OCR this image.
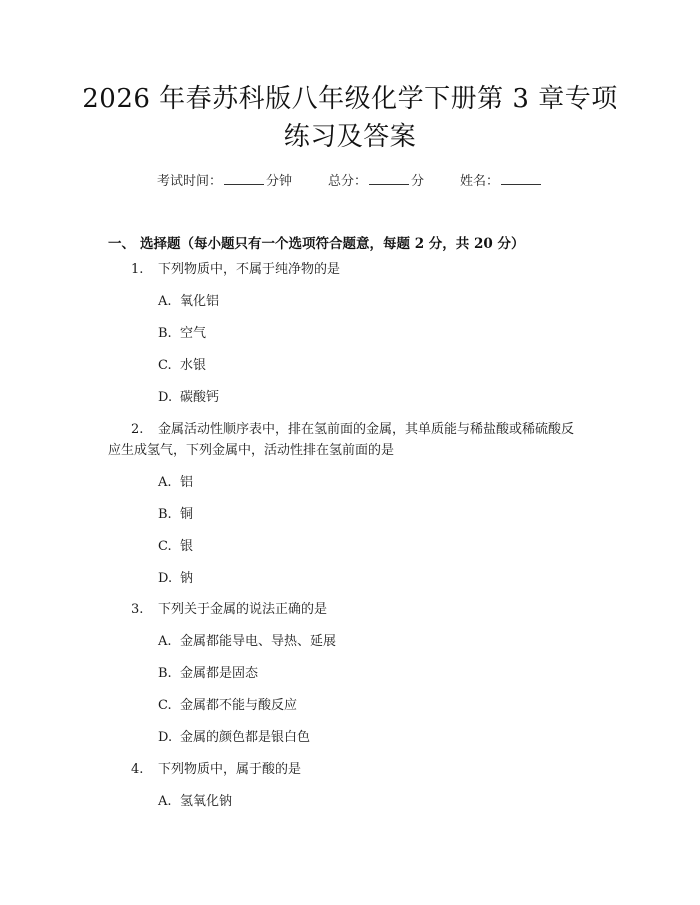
2026 年春苏科版八年级化学下册第 3 章专项
练习及答案
考试时间：	分钟	总分：	分	姓名：
一、 选择题（每小题只有一个选项符合题意，每题 2 分，共 20 分）
1. 下列物质中，不属于纯净物的是
A. 氧化铝
B. 空气
C. 水银
D. 碳酸钙
2. 金属活动性顺序表中，排在氢前面的金属，其单质能与稀盐酸或稀硫酸反
应生成氢气，下列金属中，活动性排在氢前面的是
A. 铝
B. 铜
C. 银
D. 钠
3. 下列关于金属的说法正确的是
A. 金属都能导电、导热、延展
B. 金属都是固态
C. 金属都不能与酸反应
D. 金属的颜色都是银白色
4. 下列物质中，属于酸的是
A. 氢氧化钠
